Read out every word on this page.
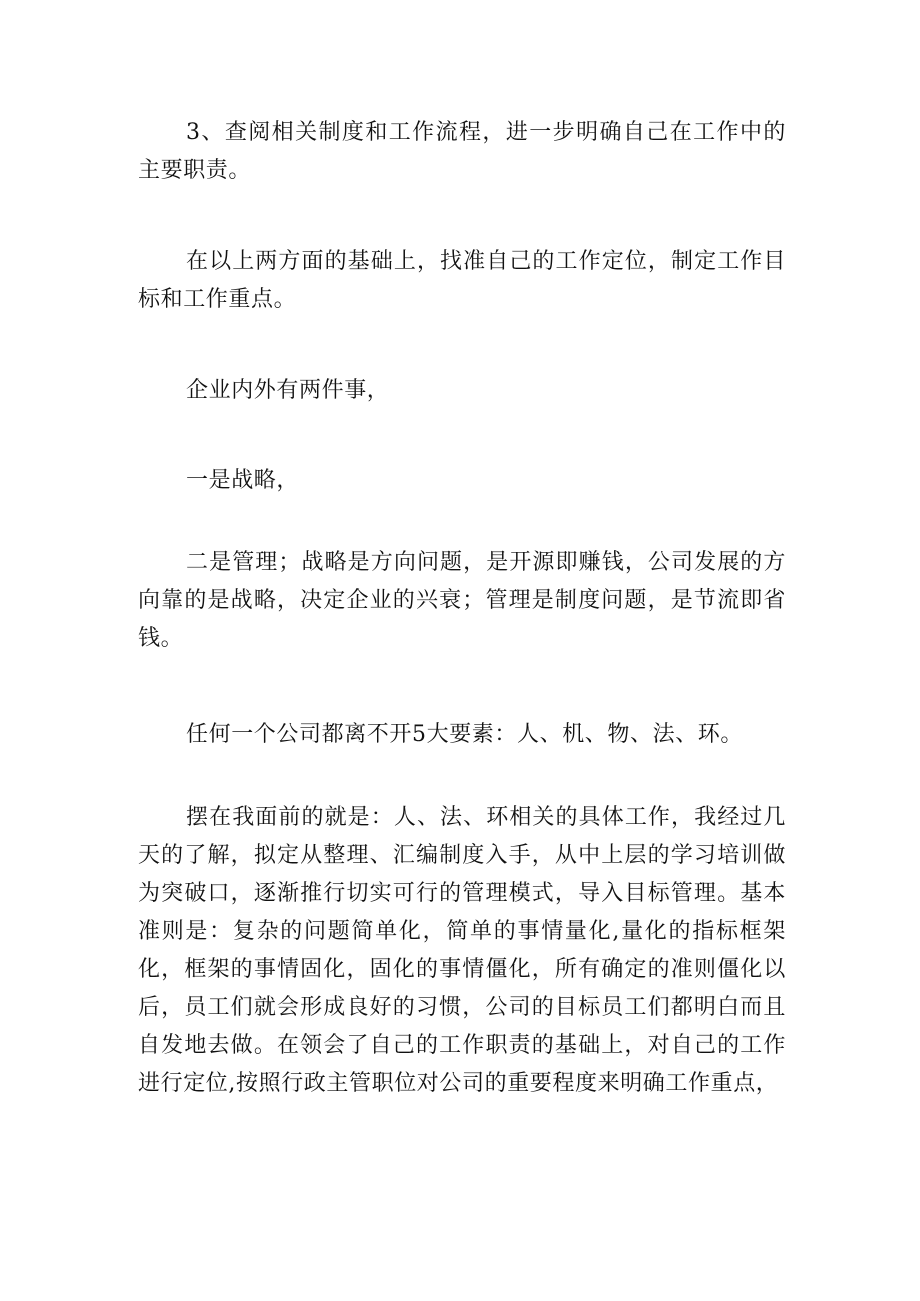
3、查阅相关制度和工作流程，进一步明确自己在工作中的主要职责。

在以上两方面的基础上，找准自己的工作定位，制定工作目标和工作重点。

企业内外有两件事，

一是战略，

二是管理；战略是方向问题，是开源即赚钱，公司发展的方向靠的是战略，决定企业的兴衰；管理是制度问题，是节流即省钱。

任何一个公司都离不开5大要素：人、机、物、法、环。

摆在我面前的就是：人、法、环相关的具体工作，我经过几天的了解，拟定从整理、汇编制度入手，从中上层的学习培训做为突破口，逐渐推行切实可行的管理模式，导入目标管理。基本准则是：复杂的问题简单化，简单的事情量化,量化的指标框架化，框架的事情固化，固化的事情僵化，所有确定的准则僵化以后，员工们就会形成良好的习惯，公司的目标员工们都明白而且自发地去做。在领会了自己的工作职责的基础上，对自己的工作进行定位,按照行政主管职位对公司的重要程度来明确工作重点，
